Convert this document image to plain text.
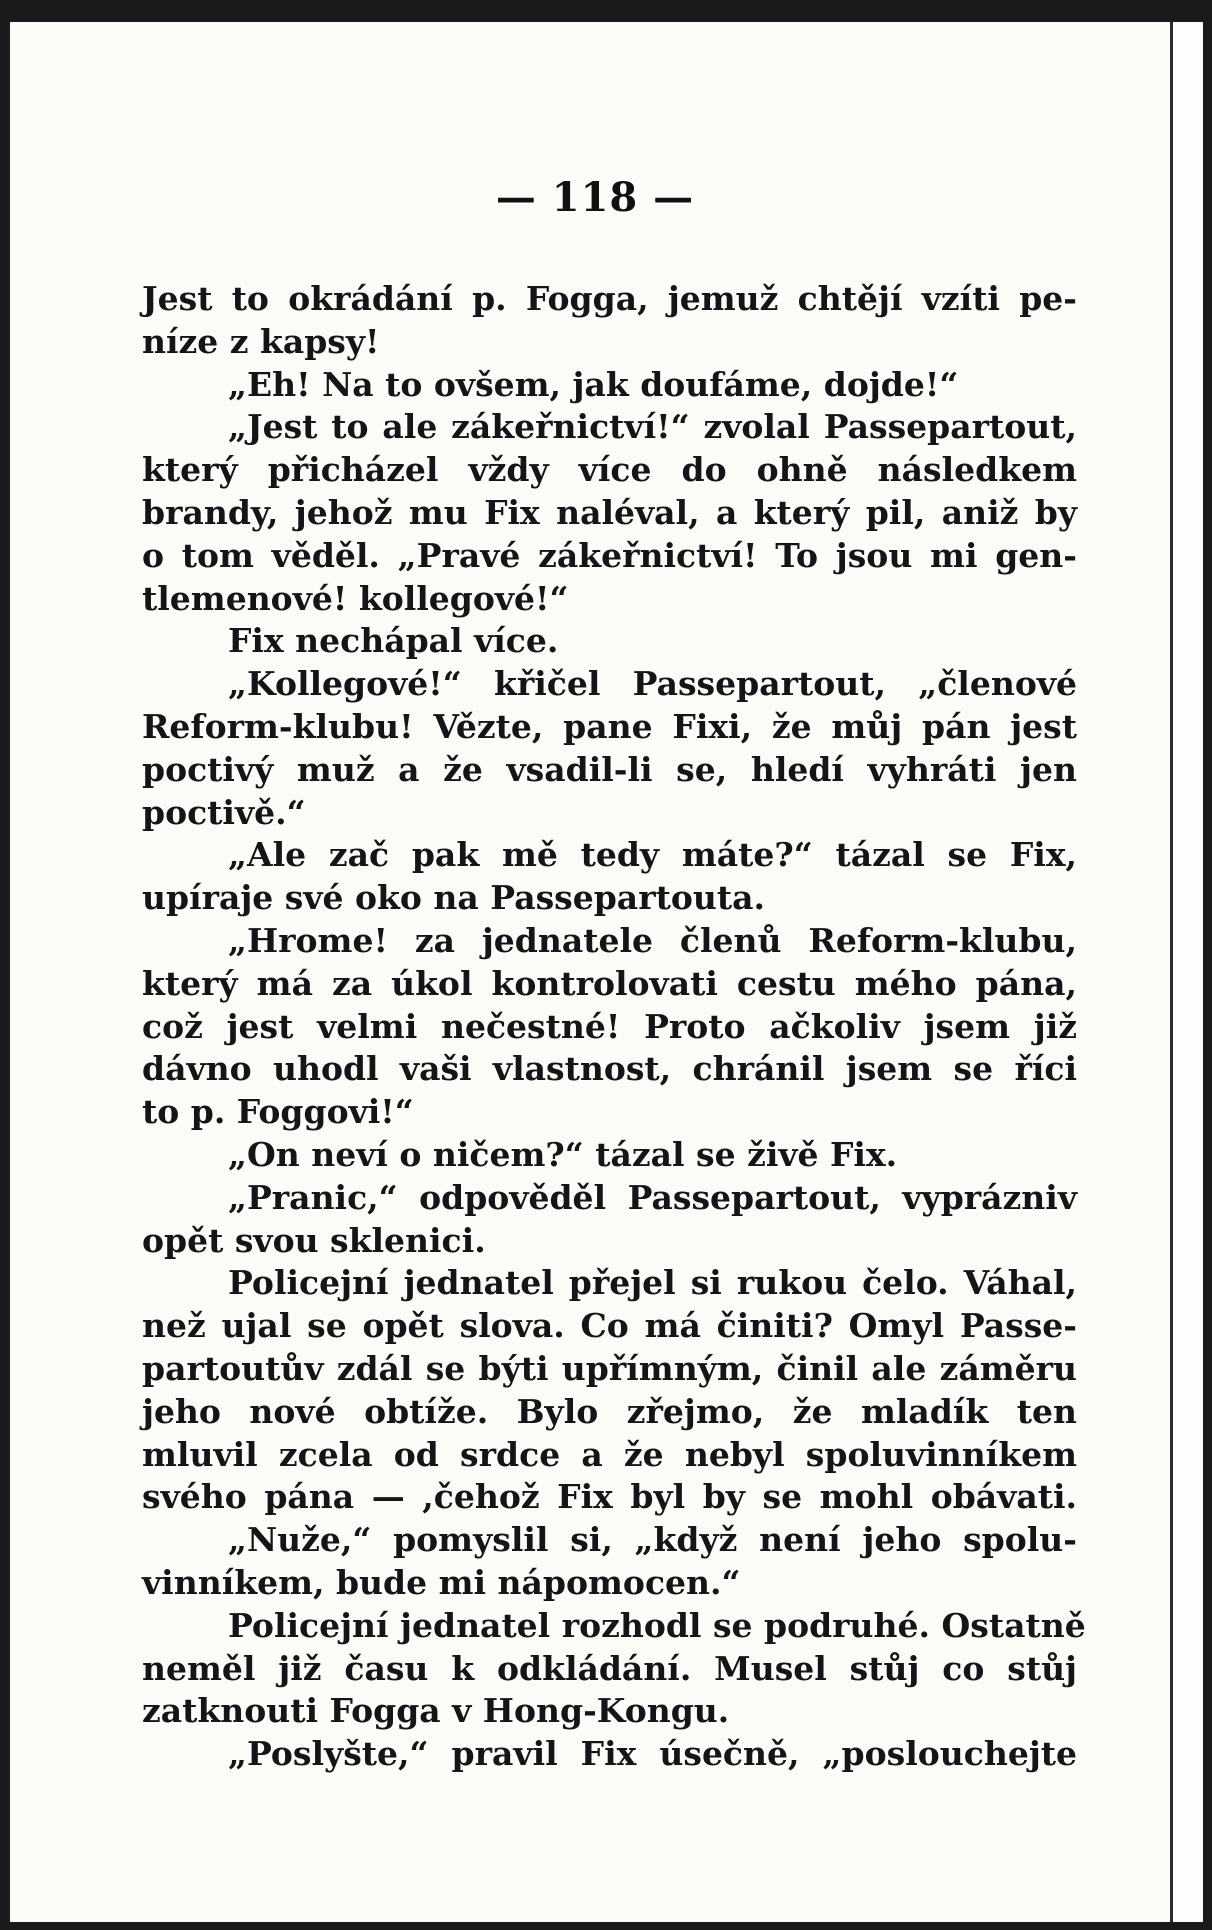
— 118 —
Jest to okrádání p. Fogga, jemuž chtějí vzíti pe-
níze z kapsy!
„Eh! Na to ovšem, jak doufáme, dojde!“
„Jest to ale zákeřnictví!“ zvolal Passepartout,
který přicházel vždy více do ohně následkem
brandy, jehož mu Fix naléval, a který pil, aniž by
o tom věděl. „Pravé zákeřnictví! To jsou mi gen-
tlemenové! kollegové!“
Fix nechápal více.
„Kollegové!“ křičel Passepartout, „členové
Reform-klubu! Vězte, pane Fixi, že můj pán jest
poctivý muž a že vsadil-li se, hledí vyhráti jen
poctivě.“
„Ale zač pak mě tedy máte?“ tázal se Fix,
upíraje své oko na Passepartouta.
„Hrome! za jednatele členů Reform-klubu,
který má za úkol kontrolovati cestu mého pána,
což jest velmi nečestné! Proto ačkoliv jsem již
dávno uhodl vaši vlastnost, chránil jsem se říci
to p. Foggovi!“
„On neví o ničem?“ tázal se živě Fix.
„Pranic,“ odpověděl Passepartout, vyprázniv
opět svou sklenici.
Policejní jednatel přejel si rukou čelo. Váhal,
než ujal se opět slova. Co má činiti? Omyl Passe-
partoutův zdál se býti upřímným, činil ale záměru
jeho nové obtíže. Bylo zřejmo, že mladík ten
mluvil zcela od srdce a že nebyl spoluvinníkem
svého pána — ,čehož Fix byl by se mohl obávati.
„Nuže,“ pomyslil si, „když není jeho spolu-
vinníkem, bude mi nápomocen.“
Policejní jednatel rozhodl se podruhé. Ostatně
neměl již času k odkládání. Musel stůj co stůj
zatknouti Fogga v Hong-Kongu.
„Poslyšte,“ pravil Fix úsečně, „poslouchejte
